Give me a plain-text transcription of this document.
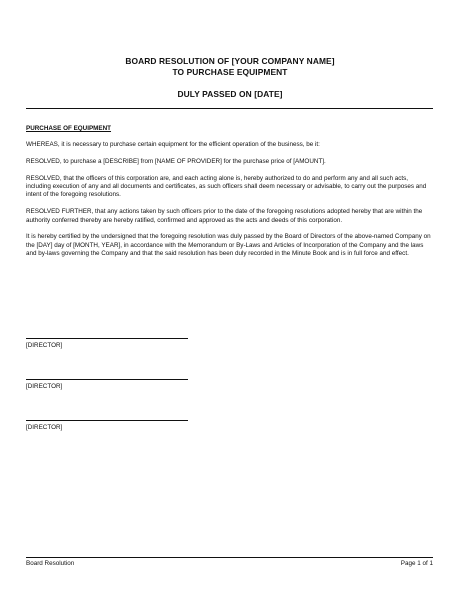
BOARD RESOLUTION OF [YOUR COMPANY NAME]
TO PURCHASE EQUIPMENT
DULY PASSED ON [DATE]
PURCHASE OF EQUIPMENT

WHEREAS, it is necessary to purchase certain equipment for the efficient operation of the business, be it:

RESOLVED, to purchase a [DESCRIBE] from [NAME OF PROVIDER] for the purchase price of [AMOUNT].

RESOLVED, that the officers of this corporation are, and each acting alone is, hereby authorized to do and perform any and all such acts, including execution of any and all documents and certificates, as such officers shall deem necessary or advisable, to carry out the purposes and intent of the foregoing resolutions.

RESOLVED FURTHER, that any actions taken by such officers prior to the date of the foregoing resolutions adopted hereby that are within the authority conferred thereby are hereby ratified, confirmed and approved as the acts and deeds of this corporation.

It is hereby certified by the undersigned that the foregoing resolution was duly passed by the Board of Directors of the above-named Company on the [DAY] day of [MONTH, YEAR], in accordance with the Memorandum or By-Laws and Articles of Incorporation of the Company and the laws and by-laws governing the Company and that the said resolution has been duly recorded in the Minute Book and is in full force and effect.

[DIRECTOR]
[DIRECTOR]
[DIRECTOR]
Board Resolution	Page 1 of 1
